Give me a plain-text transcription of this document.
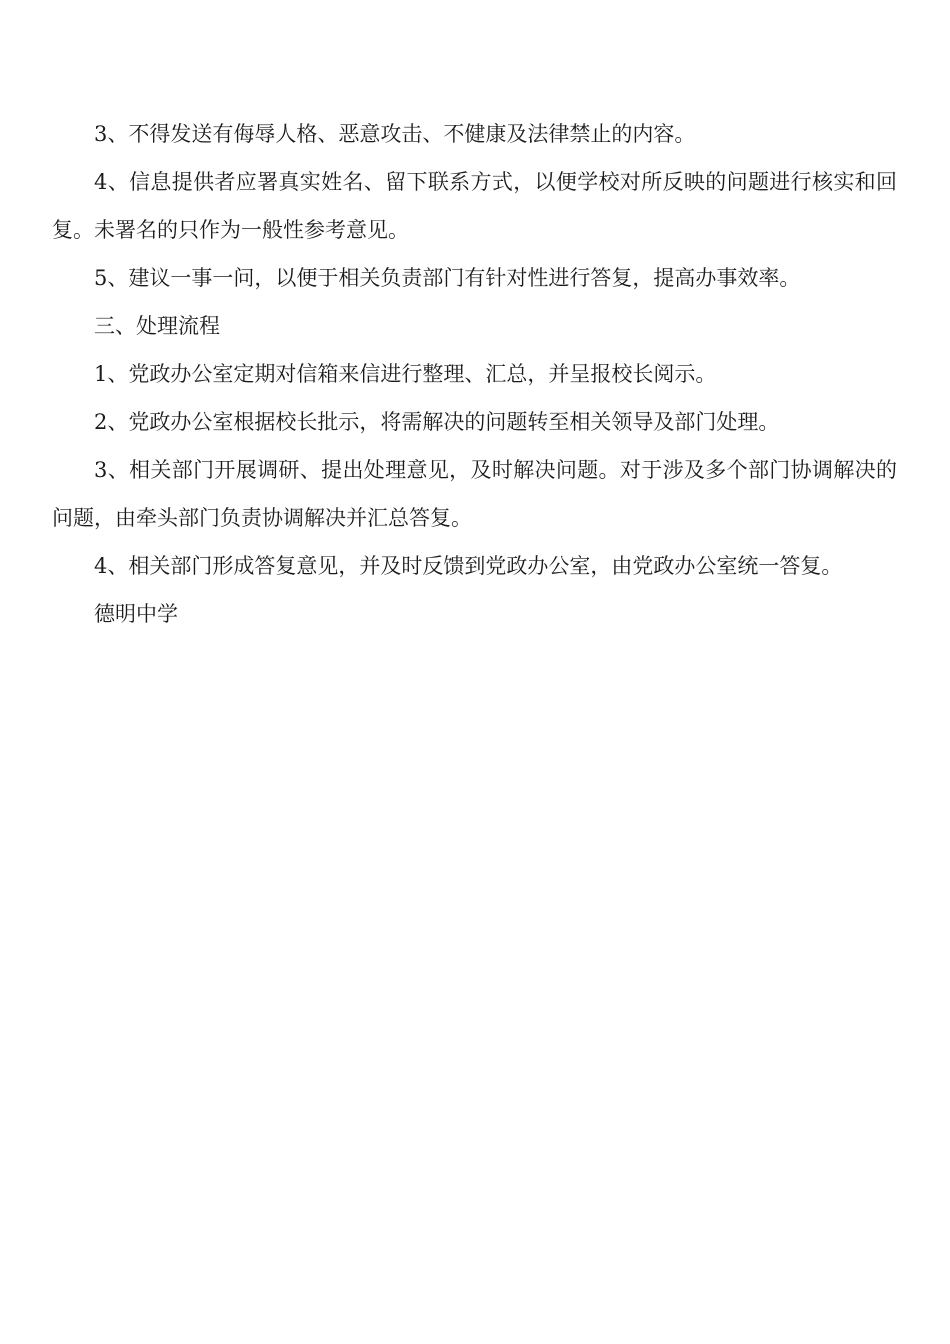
3、不得发送有侮辱人格、恶意攻击、不健康及法律禁止的内容。

4、信息提供者应署真实姓名、留下联系方式，以便学校对所反映的问题进行核实和回复。未署名的只作为一般性参考意见。

5、建议一事一问，以便于相关负责部门有针对性进行答复，提高办事效率。

三、处理流程

1、党政办公室定期对信箱来信进行整理、汇总，并呈报校长阅示。

2、党政办公室根据校长批示，将需解决的问题转至相关领导及部门处理。

3、相关部门开展调研、提出处理意见，及时解决问题。对于涉及多个部门协调解决的问题，由牵头部门负责协调解决并汇总答复。

4、相关部门形成答复意见，并及时反馈到党政办公室，由党政办公室统一答复。

德明中学
